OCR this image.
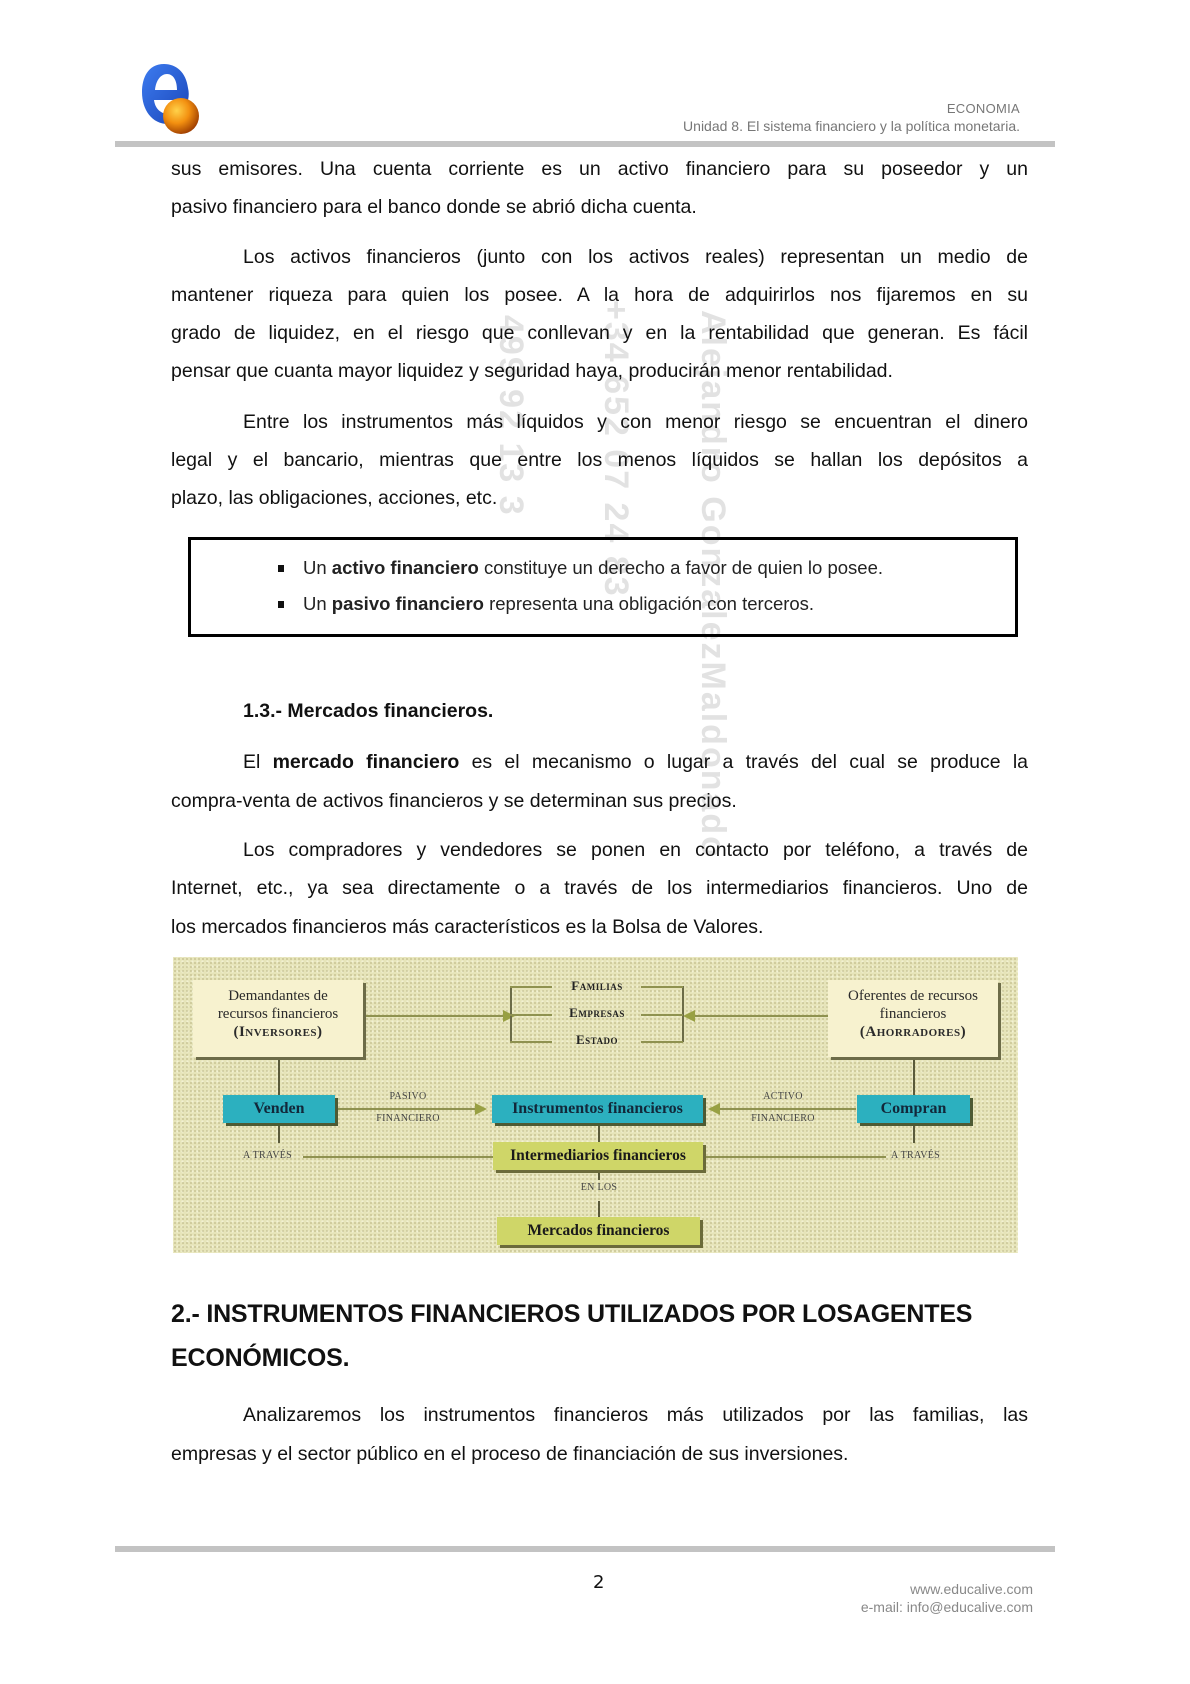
499 92 13 3 +34 652 07 24 83 Alejandro GonzalezMaldonado
ECONOMIA
Unidad 8. El sistema financiero y la política monetaria.
sus emisores. Una cuenta corriente es un activo financiero para su poseedor y un
pasivo financiero para el banco donde se abrió dicha cuenta.
Los activos financieros (junto con los activos reales) representan un medio de
mantener riqueza para quien los posee. A la hora de adquirirlos nos fijaremos en su
grado de liquidez, en el riesgo que conllevan y en la rentabilidad que generan. Es fácil
pensar que cuanta mayor liquidez y seguridad haya, producirán menor rentabilidad.
Entre los instrumentos más líquidos y con menor riesgo se encuentran el dinero
legal y el bancario, mientras que entre los menos líquidos se hallan los depósitos a
plazo, las obligaciones, acciones, etc.
Un activo financiero constituye un derecho a favor de quien lo posee.
Un pasivo financiero representa una obligación con terceros.
1.3.- Mercados financieros.
El mercado financiero es el mecanismo o lugar a través del cual se produce la
compra-venta de activos financieros y se determinan sus precios.
Los compradores y vendedores se ponen en contacto por teléfono, a través de
Internet, etc., ya sea directamente o a través de los intermediarios financieros. Uno de
los mercados financieros más característicos es la Bolsa de Valores.
Familias
Empresas
Estado
Demandantes de
recursos financieros
(Inversores)
Oferentes de recursos
financieros
(Ahorradores)
Venden	Instrumentos financieros	Compran
PASIVO
FINANCIERO
ACTIVO
FINANCIERO
A TRAVÉS	Intermediarios financieros	A TRAVÉS
EN LOS
Mercados financieros
2.- INSTRUMENTOS FINANCIEROS UTILIZADOS POR LOSAGENTES
ECONÓMICOS.
Analizaremos los instrumentos financieros más utilizados por las familias, las
empresas y el sector público en el proceso de financiación de sus inversiones.
2	www.educalive.com
e-mail: info@educalive.com
